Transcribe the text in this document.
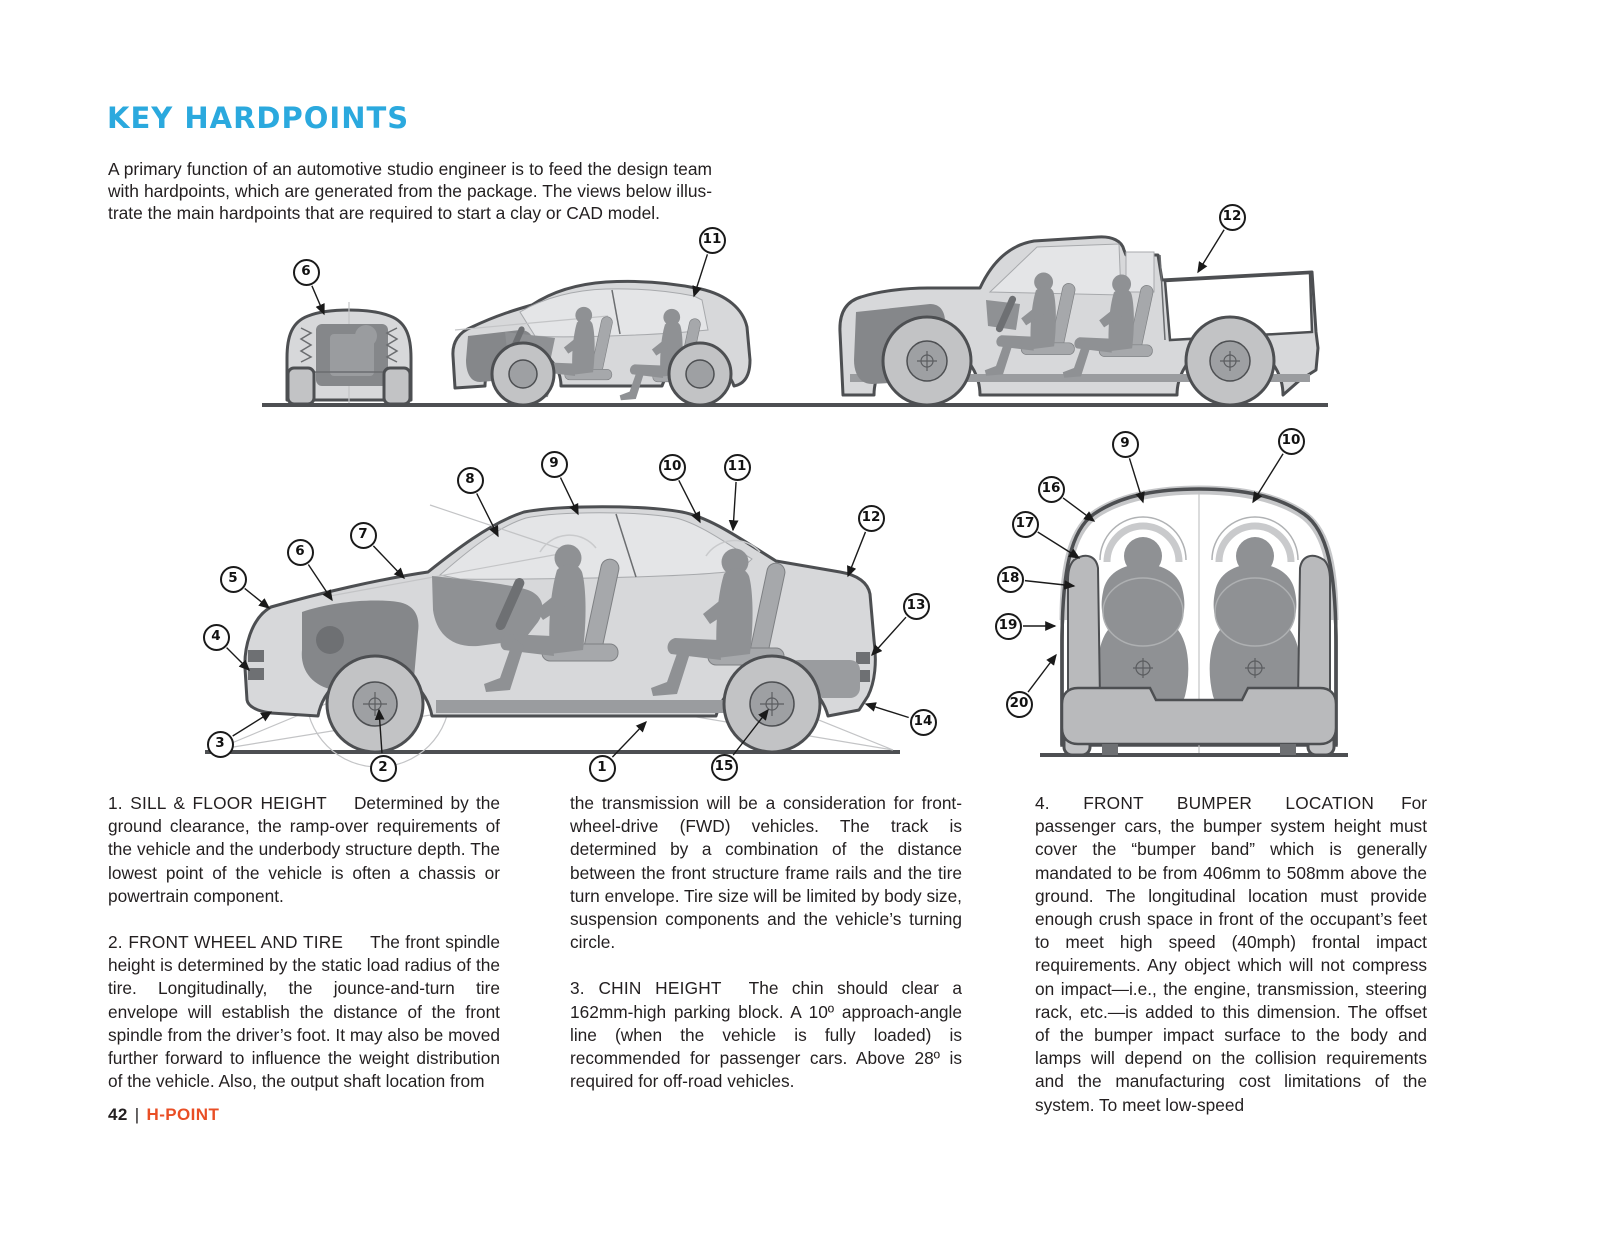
KEY HARDPOINTS
A primary function of an automotive studio engineer is to feed the design team
with hardpoints, which are generated from the package. The views below illus-
trate the main hardpoints that are required to start a clay or CAD model.
6
11
12
5
4
3
6
7
8
9	10	11
12
13
14
15
1
2
9	10
16
17
18
19
20

1. SILL & FLOOR HEIGHT Determined by the ground clearance, the ramp-over requirements of the vehicle and the underbody structure depth. The lowest point of the vehicle is often a chassis or powertrain component.

2. FRONT WHEEL AND TIRE The front spindle height is determined by the static load radius of the tire. Longitudinally, the jounce-and-turn tire envelope will establish the distance of the front spindle from the driver’s foot. It may also be moved further forward to influence the weight distribution of the vehicle. Also, the output shaft location from

the transmission will be a consideration for front-wheel-drive (FWD) vehicles. The track is determined by a combination of the distance between the front structure frame rails and the tire turn envelope. Tire size will be limited by body size, suspension components and the vehicle’s turning circle.

3. CHIN HEIGHT The chin should clear a 162mm-high parking block. A 10º approach-angle line (when the vehicle is fully loaded) is recommended for passenger cars. Above 28º is required for off-road vehicles.

4. FRONT BUMPER LOCATION For passenger cars, the bumper system height must cover the “bumper band” which is generally mandated to be from 406mm to 508mm above the ground. The longitudinal location must provide enough crush space in front of the occupant’s feet to meet high speed (40mph) frontal impact requirements. Any object which will not compress on impact—i.e., the engine, transmission, steering rack, etc.—is added to this dimension. The offset of the bumper impact surface to the body and lamps will depend on the collision requirements and the manufacturing cost limitations of the system. To meet low-speed

42 | H-POINT
